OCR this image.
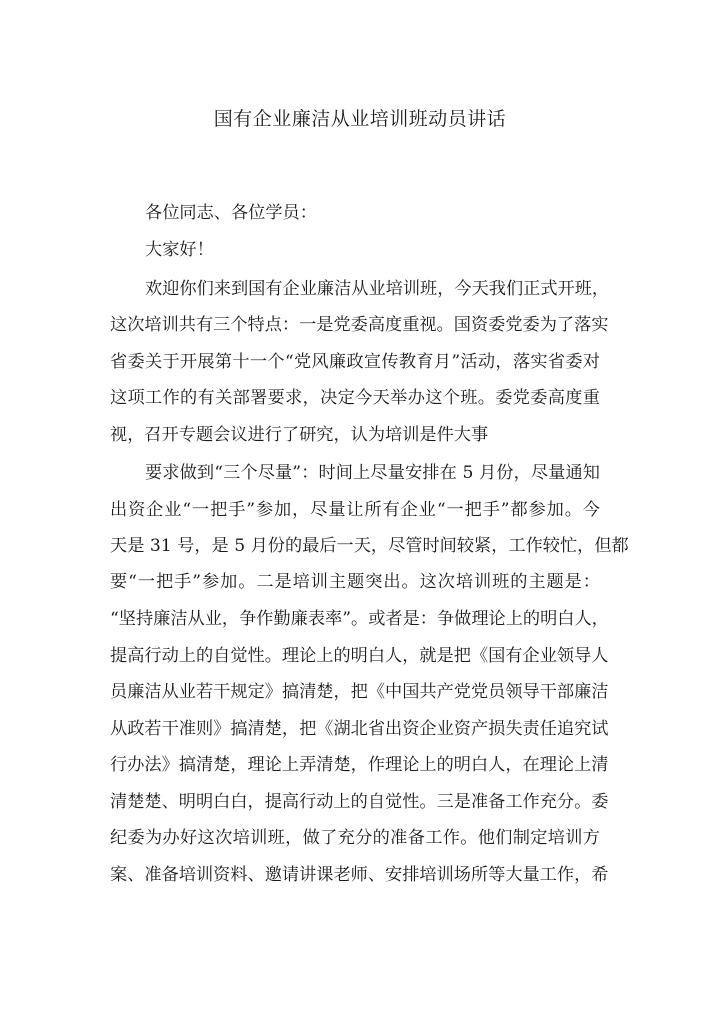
国有企业廉洁从业培训班动员讲话
各位同志、各位学员：
大家好！
欢迎你们来到国有企业廉洁从业培训班，今天我们正式开班，
这次培训共有三个特点：一是党委高度重视。国资委党委为了落实
省委关于开展第十一个“党风廉政宣传教育月”活动，落实省委对
这项工作的有关部署要求，决定今天举办这个班。委党委高度重
视，召开专题会议进行了研究，认为培训是件大事
要求做到“三个尽量”：时间上尽量安排在 5 月份，尽量通知
出资企业“一把手”参加，尽量让所有企业“一把手”都参加。今
天是 31 号，是 5 月份的最后一天，尽管时间较紧，工作较忙，但都
要“一把手”参加。二是培训主题突出。这次培训班的主题是：
“坚持廉洁从业，争作勤廉表率”。或者是：争做理论上的明白人，
提高行动上的自觉性。理论上的明白人，就是把《国有企业领导人
员廉洁从业若干规定》搞清楚，把《中国共产党党员领导干部廉洁
从政若干准则》搞清楚，把《湖北省出资企业资产损失责任追究试
行办法》搞清楚，理论上弄清楚，作理论上的明白人，在理论上清
清楚楚、明明白白，提高行动上的自觉性。三是准备工作充分。委
纪委为办好这次培训班，做了充分的准备工作。他们制定培训方
案、准备培训资料、邀请讲课老师、安排培训场所等大量工作，希
